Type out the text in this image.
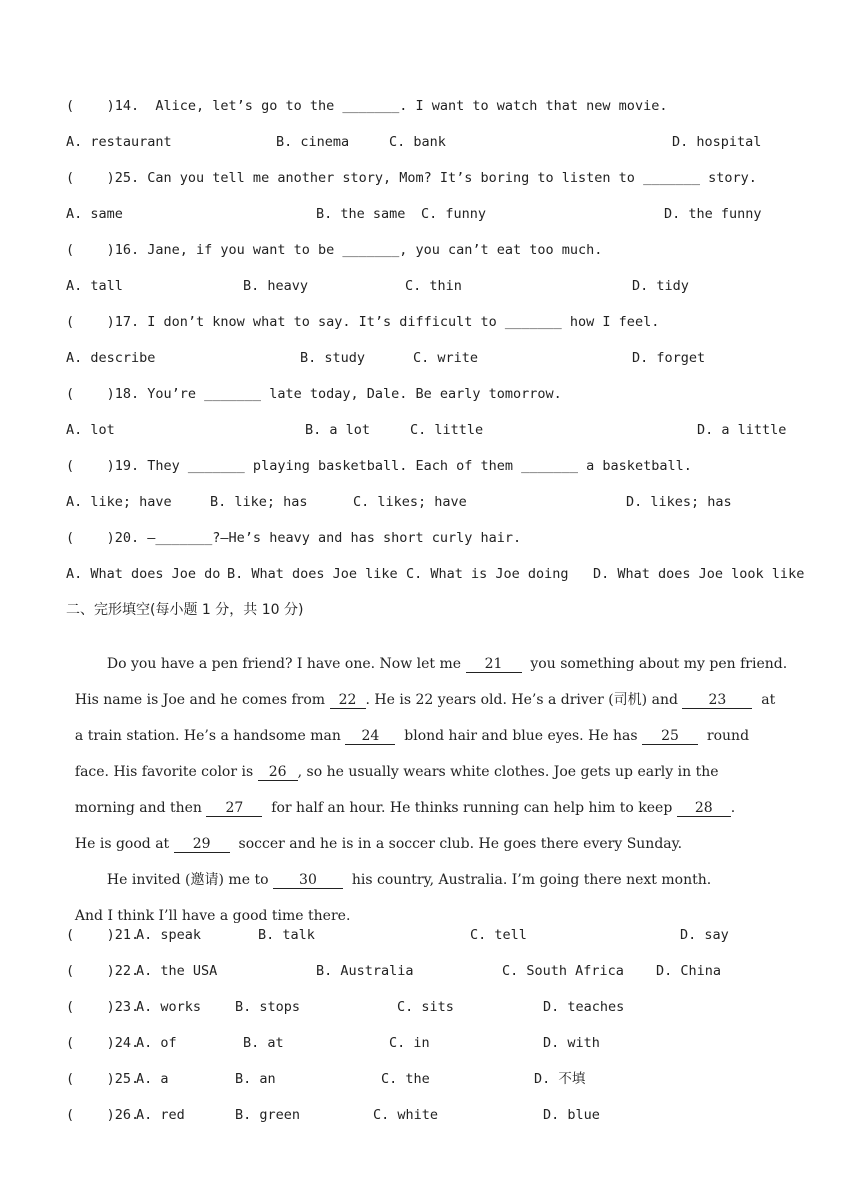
(    )14.  Alice, let’s go to the _______. I want to watch that new movie.
A. restaurant	B. cinema	C. bank	D. hospital
(    )25. Can you tell me another story, Mom? It’s boring to listen to _______ story.
A. same	B. the same C. funny	D. the funny
(    )16. Jane, if you want to be _______, you can’t eat too much.
A. tall	B. heavy	C. thin	D. tidy
(    )17. I don’t know what to say. It’s difficult to _______ how I feel.
A. describe	B. study	C. write	D. forget
(    )18. You’re _______ late today, Dale. Be early tomorrow.
A. lot	B. a lot	C. little	D. a little
(    )19. They _______ playing basketball. Each of them _______ a basketball.
A. like; have	B. like; has	C. likes; have	D. likes; has
(    )20. —_______?—He’s heavy and has short curly hair.
A. What does Joe do B. What does Joe like C. What is Joe doing D. What does Joe look like
二、完形填空(每小题 1 分，共 10 分)

Do you have a pen friend? I have one. Now let me 21  you something about my pen friend.

His name is Joe and he comes from 22 . He is 22 years old. He’s a driver (司机) and 23  at

a train station. He’s a handsome man 24  blond hair and blue eyes. He has 25  round

face. His favorite color is 26 , so he usually wears white clothes. Joe gets up early in the

morning and then 27  for half an hour. He thinks running can help him to keep 28 .

He is good at 29  soccer and he is in a soccer club. He goes there every Sunday.

He invited (邀请) me to 30  his country, Australia. I’m going there next month.

And I think I’ll have a good time there.

(    )21.
A. speak	B. talk	C. tell	D. say
(    )22.
A. the USA	B. Australia	C. South Africa D. China
(    )23.
A. works	B. stops	C. sits	D. teaches
(    )24.
A. of	B. at	C. in	D. with
(    )25.
A. a	B. an	C. the	D. 不填
(    )26.
A. red	B. green	C. white	D. blue
